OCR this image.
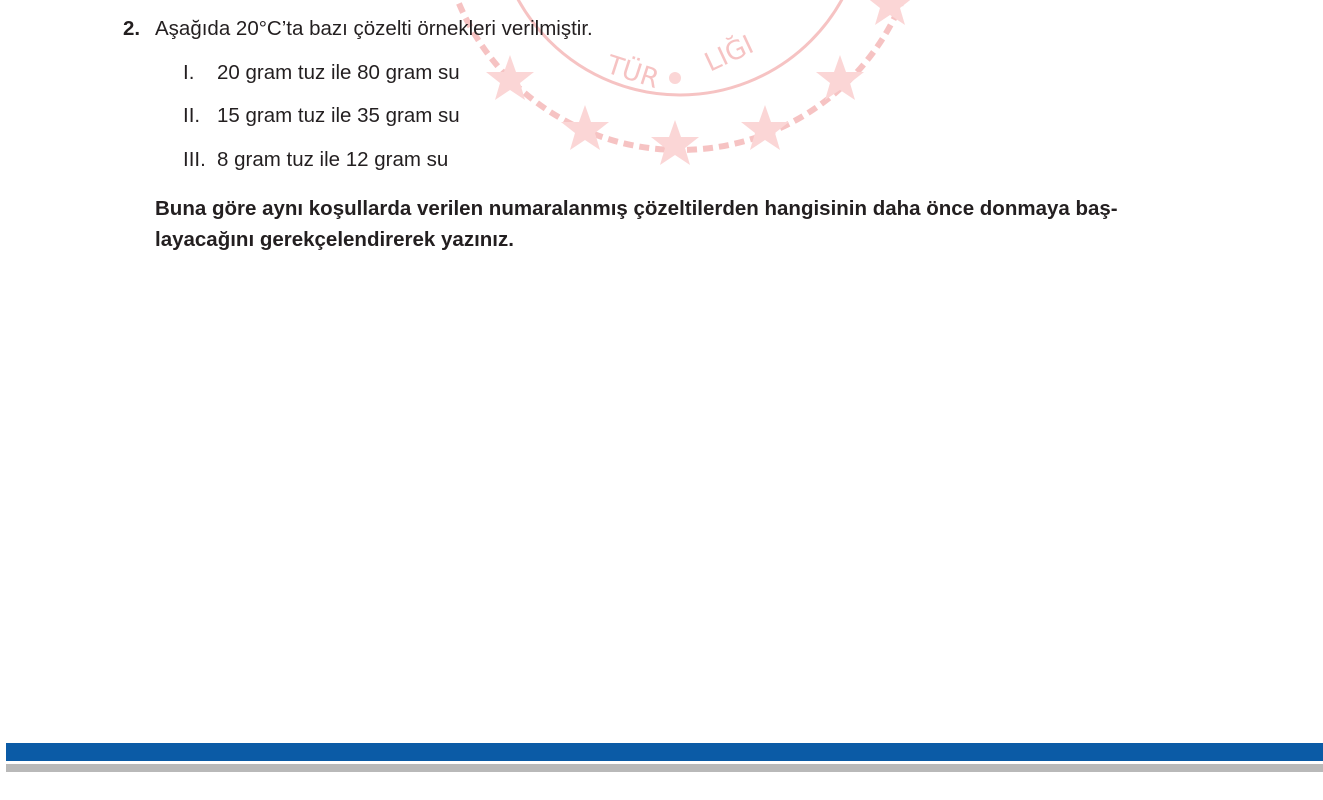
TÜR LIĞI
2. Aşağıda 20°C’ta bazı çözelti örnekleri verilmiştir.
I. 20 gram tuz ile 80 gram su
II. 15 gram tuz ile 35 gram su
III. 8 gram tuz ile 12 gram su
Buna göre aynı koşullarda verilen numaralanmış çözeltilerden hangisinin daha önce donmaya baş-
layacağını gerekçelendirerek yazınız.
